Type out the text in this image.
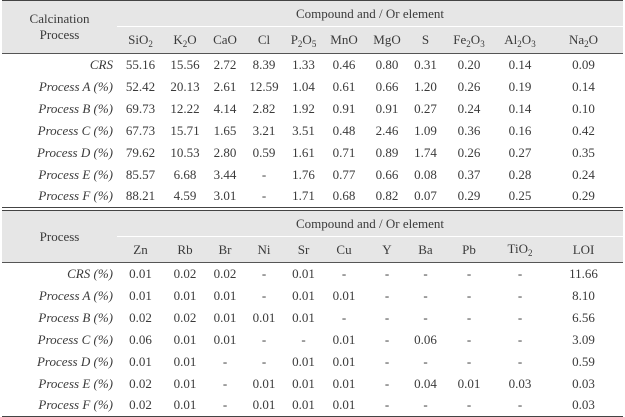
Calcination Process	Compound and / Or element										
	SiO$_2$	$K_2O$	CaO	Cl	$P_2O_5$	MnO	MgO	S	$Fe_2O_3$	$Al_2O_3$	$Na_2O$
CRS	55.16	15.56	2.72	8.39	1.33	0.46	0.80	0.31	0.20	0.14	0.09
Process A (%)	52.42	20.13	2.61	12.59	1.04	0.61	0.66	1.20	0.26	0.19	0.14
Process B (%)	69.73	12.22	4.14	2.82	1.92	0.91	0.91	0.27	0.24	0.14	0.10
Process C (%)	67.73	15.71	1.65	3.21	3.51	0.48	2.46	1.09	0.36	0.16	0.42
Process D (%)	79.62	10.53	2.80	0.59	1.61	0.71	0.89	1.74	0.26	0.27	0.35
Process E (%)	85.57	6.68	3.44	-	1.76	0.77	0.66	0.08	0.37	0.28	0.24
Process F (%)	88.21	4.59	3.01	-	1.71	0.68	0.82	0.07	0.29	0.25	0.29
Process	Compound and / Or element										
	Zn	Rb	Br	Ni	Sr	Cu	Y	Ba	Pb	TiO$_2$	LOI
CRS (%)	0.01	0.02	0.02	-	0.01	-	-	-	-	-	11.66
Process A (%)	0.01	0.01	0.01	-	0.01	0.01	-	-	-	-	8.10
Process B (%)	0.02	0.02	0.01	0.01	0.01	-	-	-	-	-	6.56
Process C (%)	0.06	0.01	0.01	-	-	0.01	-	0.06	-	-	3.09
Process D (%)	0.01	0.01	-	-	0.01	0.01	-	-	-	-	0.59
Process E (%)	0.02	0.01	-	0.01	0.01	0.01	-	0.04	0.01	0.03	0.03
Process F (%)	0.02	0.01	-	0.01	0.01	0.01	-	-	-	-	0.03
